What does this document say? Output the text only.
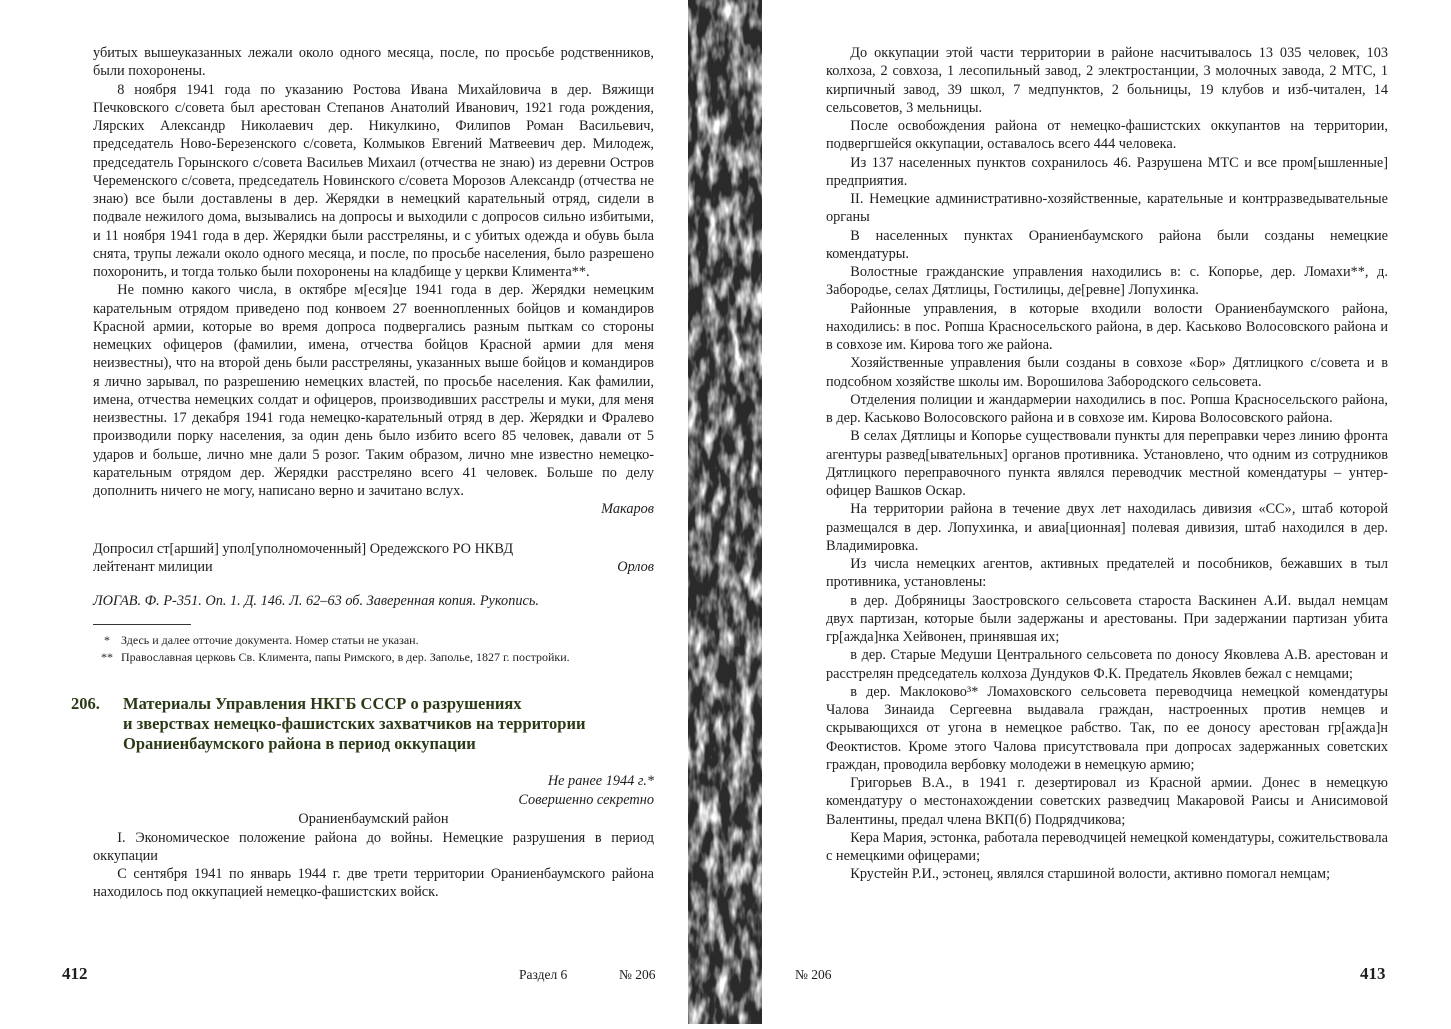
убитых вышеуказанных лежали около одного месяца, после, по просьбе родственников, были похоронены.

8 ноября 1941 года по указанию Ростова Ивана Михайловича в дер. Вяжищи Печковского с/совета был арестован Степанов Анатолий Иванович, 1921 года рождения, Лярских Александр Николаевич дер. Никулкино, Филипов Роман Васильевич, председатель Ново-Березенского с/совета, Колмыков Евгений Матвеевич дер. Милодеж, председатель Горынского с/совета Васильев Михаил (отчества не знаю) из деревни Остров Череменского с/совета, председатель Новинского с/совета Морозов Александр (отчества не знаю) все были доставлены в дер. Жерядки в немецкий карательный отряд, сидели в подвале нежилого дома, вызывались на допросы и выходили с допросов сильно избитыми, и 11 ноября 1941 года в дер. Жерядки были расстреляны, и с убитых одежда и обувь была снята, трупы лежали около одного месяца, и после, по просьбе населения, было разрешено похоронить, и тогда только были похоронены на кладбище у церкви Климента**.

Не помню какого числа, в октябре м[еся]це 1941 года в дер. Жерядки немецким карательным отрядом приведено под конвоем 27 военнопленных бойцов и командиров Красной армии, которые во время допроса подвергались разным пыткам со стороны немецких офицеров (фамилии, имена, отчества бойцов Красной армии для меня неизвестны), что на второй день были расстреляны, указанных выше бойцов и командиров я лично зарывал, по разрешению немецких властей, по просьбе населения. Как фамилии, имена, отчества немецких солдат и офицеров, производивших расстрелы и муки, для меня неизвестны. 17 декабря 1941 года немецко-карательный отряд в дер. Жерядки и Фралево производили порку населения, за один день было избито всего 85 человек, давали от 5 ударов и больше, лично мне дали 5 розог. Таким образом, лично мне известно немецко- карательным отрядом дер. Жерядки расстреляно всего 41 человек. Больше по делу дополнить ничего не могу, написано верно и зачитано вслух.

Макаров

Допросил ст[арший] упол[уполномоченный] Оредежского РО НКВД

лейтенант милиции	Орлов

ЛОГАВ. Ф. Р-351. Оп. 1. Д. 146. Л. 62–63 об. Заверенная копия. Рукопись.

* Здесь и далее отточие документа. Номер статьи не указан.
** Православная церковь Св. Климента, папы Римского, в дер. Заполье, 1827 г. постройки.
206.	Материалы Управления НКГБ СССР о разрушениях
и зверствах немецко-фашистских захватчиков на территории
Ораниенбаумского района в период оккупации
Не ранее 1944 г.*
Совершенно секретно

Ораниенбаумский район

I. Экономическое положение района до войны. Немецкие разрушения в период оккупации

С сентября 1941 по январь 1944 г. две трети территории Ораниенбаумского района находилось под оккупацией немецко-фашистских войск.

412	Раздел 6	№ 206

До оккупации этой части территории в районе насчитывалось 13 035 человек, 103 колхоза, 2 совхоза, 1 лесопильный завод, 2 электростанции, 3 молочных завода, 2 МТС, 1 кирпичный завод, 39 школ, 7 медпунктов, 2 больницы, 19 клубов и изб-читален, 14 сельсоветов, 3 мельницы.

После освобождения района от немецко-фашистских оккупантов на территории, подвергшейся оккупации, оставалось всего 444 человека.

Из 137 населенных пунктов сохранилось 46. Разрушена МТС и все пром[ышленные] предприятия.

II. Немецкие административно-хозяйственные, карательные и контрразведывательные органы

В населенных пунктах Ораниенбаумского района были созданы немецкие комендатуры.

Волостные гражданские управления находились в: с. Копорье, дер. Ломахи**, д. Забородье, селах Дятлицы, Гостилицы, де[ревне] Лопухинка.

Районные управления, в которые входили волости Ораниенбаумского района, находились: в пос. Ропша Красносельского района, в дер. Каськово Волосовского района и в совхозе им. Кирова того же района.

Хозяйственные управления были созданы в совхозе «Бор» Дятлицкого с/совета и в подсобном хозяйстве школы им. Ворошилова Забородского сельсовета.

Отделения полиции и жандармерии находились в пос. Ропша Красносельского района, в дер. Каськово Волосовского района и в совхозе им. Кирова Волосовского района.

В селах Дятлицы и Копорье существовали пункты для переправки через линию фронта агентуры развед[ывательных] органов противника. Установлено, что одним из сотрудников Дятлицкого переправочного пункта являлся переводчик местной комендатуры – унтер-офицер Вашков Оскар.

На территории района в течение двух лет находилась дивизия «СС», штаб которой размещался в дер. Лопухинка, и авиа[ционная] полевая дивизия, штаб находился в дер. Владимировка.

Из числа немецких агентов, активных предателей и пособников, бежавших в тыл противника, установлены:

в дер. Добряницы Заостровского сельсовета староста Васкинен А.И. выдал немцам двух партизан, которые были задержаны и арестованы. При задержании партизан убита гр[ажда]нка Хейвонен, принявшая их;

в дер. Старые Медуши Центрального сельсовета по доносу Яковлева А.В. арестован и расстрелян председатель колхоза Дундуков Ф.К. Предатель Яковлев бежал с немцами;

в дер. Маклоково³* Ломаховского сельсовета переводчица немецкой комендатуры Чалова Зинаида Сергеевна выдавала граждан, настроенных против немцев и скрывающихся от угона в немецкое рабство. Так, по ее доносу арестован гр[ажда]н Феоктистов. Кроме этого Чалова присутствовала при допросах задержанных советских граждан, проводила вербовку молодежи в немецкую армию;

Григорьев В.А., в 1941 г. дезертировал из Красной армии. Донес в немецкую комендатуру о местонахождении советских разведчиц Макаровой Раисы и Анисимовой Валентины, предал члена ВКП(б) Подрядчикова;

Кера Мария, эстонка, работала переводчицей немецкой комендатуры, сожительствовала с немецкими офицерами;

Крустейн Р.И., эстонец, являлся старшиной волости, активно помогал немцам;

№ 206	413
